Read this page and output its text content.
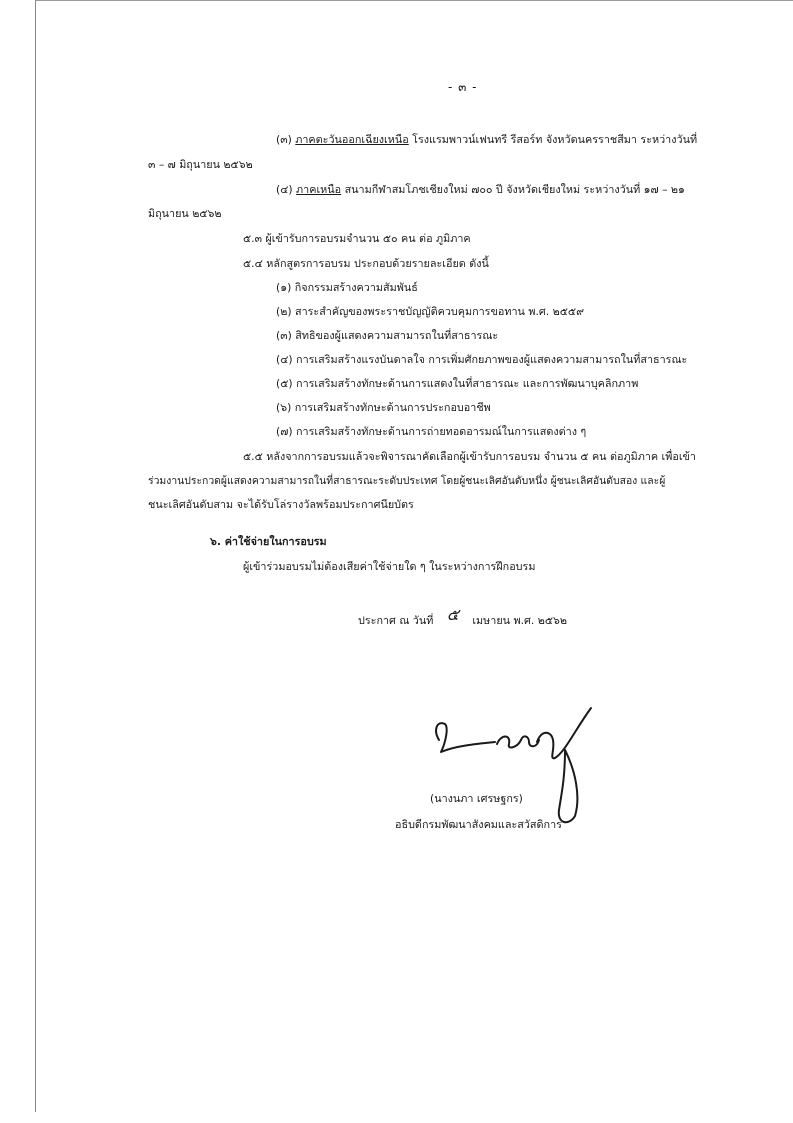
- ๓ -
(๓) ภาคตะวันออกเฉียงเหนือ โรงแรมพาวน์เฟนทรี รีสอร์ท จังหวัดนครราชสีมา ระหว่างวันที่
๓ – ๗ มิถุนายน ๒๕๖๒
(๔) ภาคเหนือ สนามกีฬาสมโภชเชียงใหม่ ๗๐๐ ปี จังหวัดเชียงใหม่ ระหว่างวันที่ ๑๗ – ๒๑
มิถุนายน ๒๕๖๒
๕.๓ ผู้เข้ารับการอบรมจำนวน ๕๐ คน ต่อ ภูมิภาค
๕.๔ หลักสูตรการอบรม ประกอบด้วยรายละเอียด ดังนี้
(๑) กิจกรรมสร้างความสัมพันธ์
(๒) สาระสำคัญของพระราชบัญญัติควบคุมการขอทาน พ.ศ. ๒๕๕๙
(๓) สิทธิของผู้แสดงความสามารถในที่สาธารณะ
(๔) การเสริมสร้างแรงบันดาลใจ การเพิ่มศักยภาพของผู้แสดงความสามารถในที่สาธารณะ
(๕) การเสริมสร้างทักษะด้านการแสดงในที่สาธารณะ และการพัฒนาบุคลิกภาพ
(๖) การเสริมสร้างทักษะด้านการประกอบอาชีพ
(๗) การเสริมสร้างทักษะด้านการถ่ายทอดอารมณ์ในการแสดงต่าง ๆ
๕.๕ หลังจากการอบรมแล้วจะพิจารณาคัดเลือกผู้เข้ารับการอบรม จำนวน ๕ คน ต่อภูมิภาค เพื่อเข้า
ร่วมงานประกวดผู้แสดงความสามารถในที่สาธารณะระดับประเทศ โดยผู้ชนะเลิศอันดับหนึ่ง ผู้ชนะเลิศอันดับสอง และผู้
ชนะเลิศอันดับสาม จะได้รับโล่รางวัลพร้อมประกาศนียบัตร
๖. ค่าใช้จ่ายในการอบรม
ผู้เข้าร่วมอบรมไม่ต้องเสียค่าใช้จ่ายใด ๆ ในระหว่างการฝึกอบรม
ประกาศ ณ วันที่ ๕ เมษายน พ.ศ. ๒๕๖๒
(นางนภา เศรษฐกร)
อธิบดีกรมพัฒนาสังคมและสวัสดิการ
